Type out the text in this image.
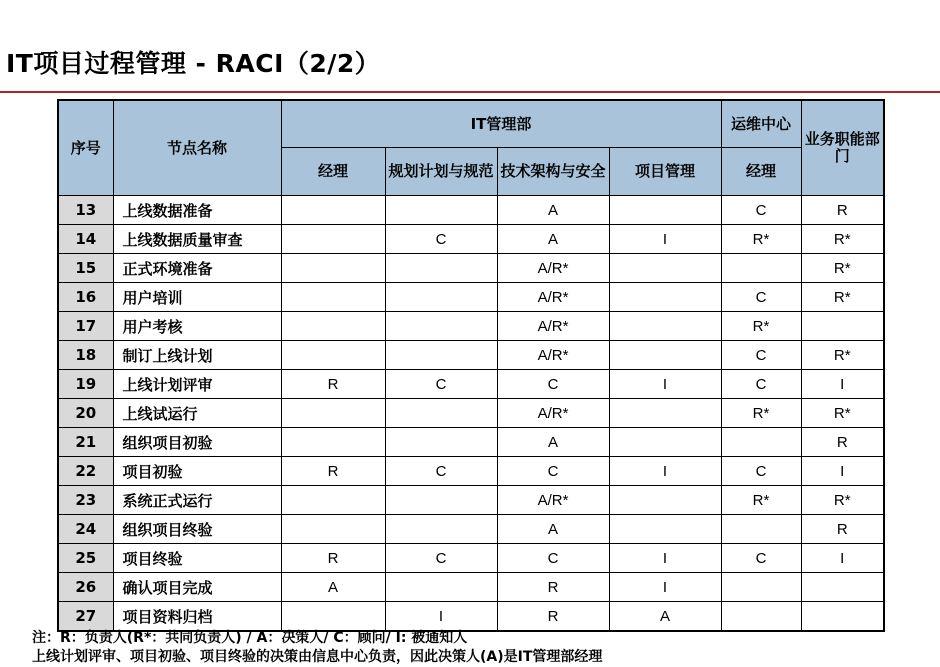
IT项目过程管理 - RACI（2/2）
序号	节点名称	IT管理部				运维中心	业务职能部门
		经理	规划计划与规范	技术架构与安全	项目管理	经理	
13	上线数据准备			A		C	R
14	上线数据质量审查		C	A	I	R*	R*
15	正式环境准备			A/R*			R*
16	用户培训			A/R*		C	R*
17	用户考核			A/R*		R*	
18	制订上线计划			A/R*		C	R*
19	上线计划评审	R	C	C	I	C	I
20	上线试运行			A/R*		R*	R*
21	组织项目初验			A			R
22	项目初验	R	C	C	I	C	I
23	系统正式运行			A/R*		R*	R*
24	组织项目终验			A			R
25	项目终验	R	C	C	I	C	I
26	确认项目完成	A		R	I		
27	项目资料归档		I	R	A		
注：R：负责人(R*：共同负责人) / A：决策人/ C：顾问/ I: 被通知人
上线计划评审、项目初验、项目终验的决策由信息中心负责，因此决策人(A)是IT管理部经理
